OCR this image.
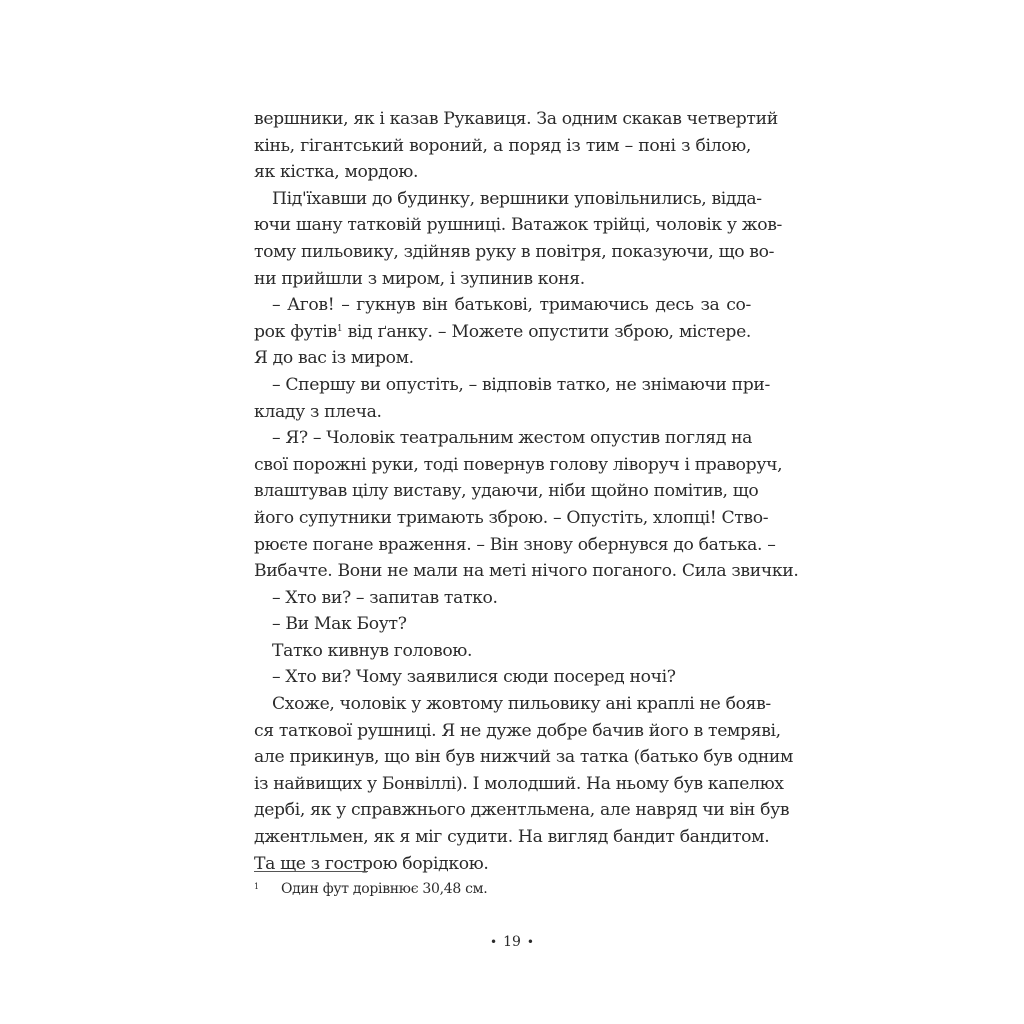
вершники, як і казав Рукавиця. За одним скакав четвертий
кінь, гігантський вороний, а поряд із тим – поні з білою,
як кістка, мордою.
Під'їхавши до будинку, вершники уповільнились, відда-
ючи шану татковій рушниці. Ватажок трійці, чоловік у жов-
тому пильовику, здійняв руку в повітря, показуючи, що во-
ни прийшли з миром, і зупинив коня.
– Агов! – гукнув він батькові, тримаючись десь за со-
рок футів$^1$ від ґанку. – Можете опустити зброю, містере.
Я до вас із миром.
– Спершу ви опустіть, – відповів татко, не знімаючи при-
кладу з плеча.
– Я? – Чоловік театральним жестом опустив погляд на
свої порожні руки, тоді повернув голову ліворуч і праворуч,
влаштував цілу виставу, удаючи, ніби щойно помітив, що
його супутники тримають зброю. – Опустіть, хлопці! Ство-
рюєте погане враження. – Він знову обернувся до батька. –
Вибачте. Вони не мали на меті нічого поганого. Сила звички.
– Хто ви? – запитав татко.
– Ви Мак Боут?
Татко кивнув головою.
– Хто ви? Чому заявилися сюди посеред ночі?
Схоже, чоловік у жовтому пильовику ані краплі не бояв-
ся таткової рушниці. Я не дуже добре бачив його в темряві,
але прикинув, що він був нижчий за татка (батько був одним
із найвищих у Бонвіллі). І молодший. На ньому був капелюх
дербі, як у справжнього джентльмена, але навряд чи він був
джентльмен, як я міг судити. На вигляд бандит бандитом.
Та ще з гострою борідкою.
1 Один фут дорівнює 30,48 см.
• 19 •
